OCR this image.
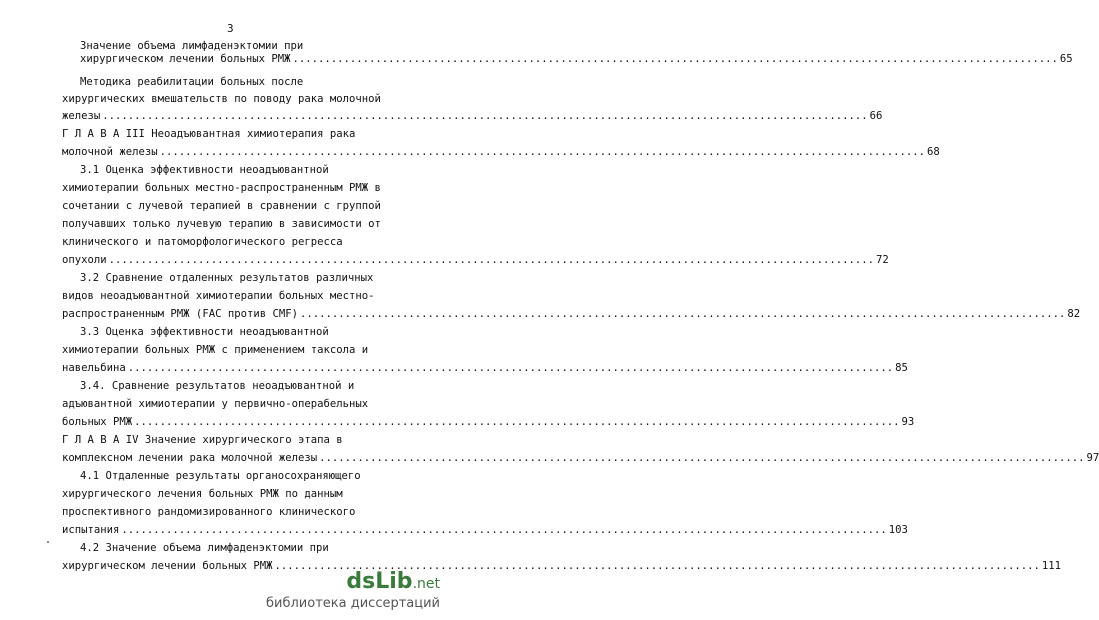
3
Значение объема лимфаденэктомии при
хирургическом лечении больных РМЖ ........................................................................................................................ 65
Методика реабилитации больных после
хирургических вмешательств по поводу рака молочной
железы ........................................................................................................................ 66
Г Л А В А III Неоадъювантная химиотерапия рака
молочной железы ........................................................................................................................ 68
3.1 Оценка эффективности неоадъювантной
химиотерапии больных местно-распространенным РМЖ в
сочетании с лучевой терапией в сравнении с группой
получавших только лучевую терапию в зависимости от
клинического и патоморфологического регресса
опухоли ........................................................................................................................ 72
3.2 Сравнение отдаленных результатов различных
видов неоадъювантной химиотерапии больных местно-
распространенным РМЖ (FAC против CMF) ........................................................................................................................ 82
3.3 Оценка эффективности неоадъювантной
химиотерапии больных РМЖ с применением таксола и
навельбина ........................................................................................................................ 85
3.4. Сравнение результатов неоадъювантной и
адъювантной химиотерапии у первично-операбельных
больных РМЖ ........................................................................................................................ 93
Г Л А В А IV Значение хирургического этапа в
комплексном лечении рака молочной железы ........................................................................................................................ 97
4.1 Отдаленные результаты органосохраняющего
хирургического лечения больных РМЖ по данным
проспективного рандомизированного клинического
испытания ........................................................................................................................ 103
4.2 Значение объема лимфаденэктомии при
хирургическом лечении больных РМЖ ........................................................................................................................ 111
dsLib.net
библиотека диссертаций
